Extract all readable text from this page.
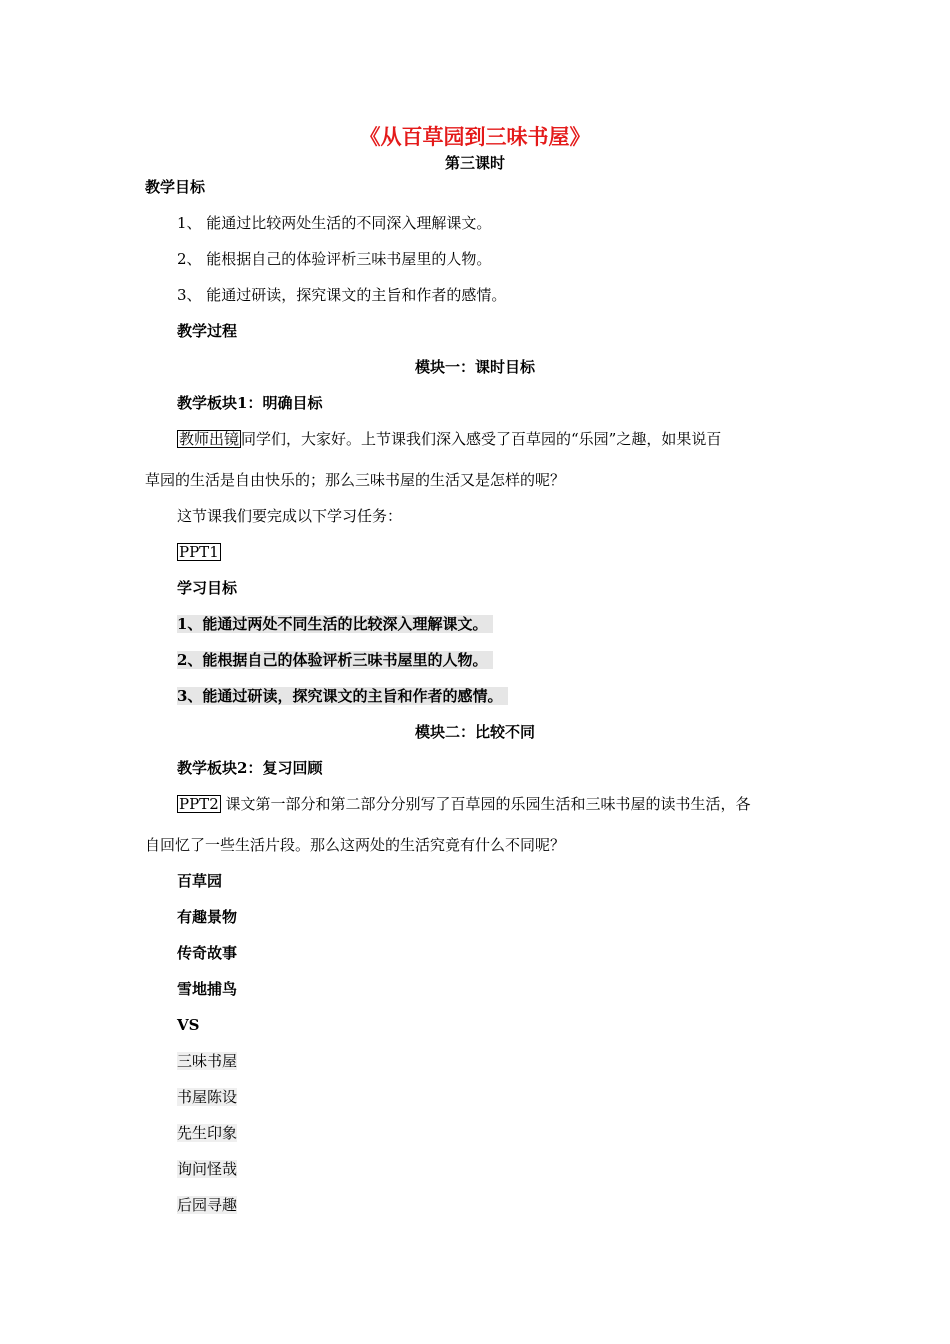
《从百草园到三味书屋》
第三课时
教学目标
1、 能通过比较两处生活的不同深入理解课文。
2、 能根据自己的体验评析三味书屋里的人物。
3、 能通过研读，探究课文的主旨和作者的感情。
教学过程
模块一：课时目标
教学板块1：明确目标
教师出镜 同学们，大家好。上节课我们深入感受了百草园的“乐园”之趣，如果说百
草园的生活是自由快乐的；那么三味书屋的生活又是怎样的呢？
这节课我们要完成以下学习任务：
PPT1
学习目标
1、能通过两处不同生活的比较深入理解课文。
2、能根据自己的体验评析三味书屋里的人物。
3、能通过研读，探究课文的主旨和作者的感情。
模块二：比较不同
教学板块2：复习回顾
PPT2 课文第一部分和第二部分分别写了百草园的乐园生活和三味书屋的读书生活，各
自回忆了一些生活片段。那么这两处的生活究竟有什么不同呢？
百草园
有趣景物
传奇故事
雪地捕鸟
VS
三味书屋
书屋陈设
先生印象
询问怪哉
后园寻趣
